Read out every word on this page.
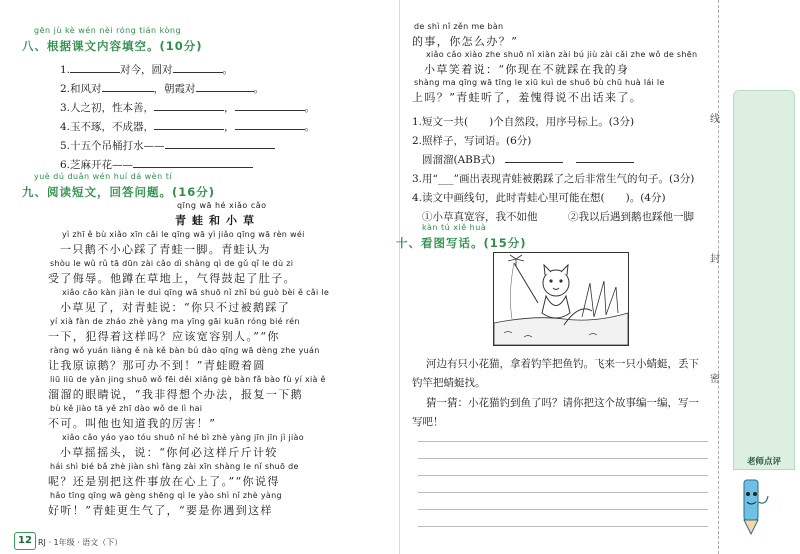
gēn jù kè wén nèi róng tián kòng
八、根据课文内容填空。(10分)
1.	对今，圆对	。
2.和风对	，朝霞对	。
3.人之初，性本善，	，	。
4.玉不琢，不成器，	，	。
5.十五个吊桶打水——
6.芝麻开花——
yuè dú duǎn wén huí dá wèn tí
九、阅读短文，回答问题。(16分)
qīng wā hé xiǎo cǎo
青蛙和小草
yì zhī ě bù xiǎo xīn cǎi le qīng wā yì jiǎo qīng wā rèn wéi
一只鹅不小心踩了青蛙一脚。青蛙认为
shòu le wǔ rǔ tā dūn zài cǎo dì shàng qì de gǔ qǐ le dù zi
受了侮辱。他蹲在草地上，气得鼓起了肚子。
xiǎo cǎo kàn jiàn le duì qīng wā shuō nǐ zhǐ bú guò bèi ě cǎi le
小草见了，对青蛙说：“你只不过被鹅踩了
yí xià fàn de zháo zhè yàng ma yīng gāi kuān róng bié rén
一下，犯得着这样吗？应该宽容别人。”“你
ràng wǒ yuán liàng ě nà kě bàn bú dào qīng wā dèng zhe yuán
让我原谅鹅？那可办不到！”青蛙瞪着圆
liū liū de yǎn jing shuō wǒ fēi děi xiǎng gè bàn fǎ bào fù yí xià ě
溜溜的眼睛说，“我非得想个办法，报复一下鹅
bù kě jiào tā yě zhī dào wǒ de lì hai
不可。叫他也知道我的厉害！”
xiǎo cǎo yáo yao tóu shuō nǐ hé bì zhè yàng jīn jīn jì jiào
小草摇摇头，说：“你何必这样斤斤计较
hái shì bié bǎ zhè jiàn shì fàng zài xīn shàng le nǐ shuō de
呢？还是别把这件事放在心上了。”“你说得
hǎo tīng qīng wā gèng shēng qì le yào shì nǐ zhè yàng
好听！”青蛙更生气了，“要是你遇到这样
12 RJ · 1年级 · 语文（下）
de shì nǐ zěn me bàn
的事，你怎么办？”
xiǎo cǎo xiào zhe shuō nǐ xiàn zài bú jiù zài cǎi zhe wǒ de shēn
小草笑着说：“你现在不就踩在我的身
shàng ma qīng wā tīng le xiū kuì de shuō bù chū huà lái le
上吗？”青蛙听了，羞愧得说不出话来了。
1.短文一共(　　)个自然段，用序号标上。(3分)
2.照样子，写词语。(6分)
圆溜溜(ABB式)
3.用“___”画出表现青蛙被鹅踩了之后非常生气的句子。(3分)
4.读文中画线句，此时青蛙心里可能在想(　　)。(4分)
①小草真宽容，我不如他	②我以后遇到鹅也踩他一脚
kàn tú xiě huà
十、看图写话。(15分)
河边有只小花猫，拿着钓竿把鱼钓。飞来一只小蜻蜓，丢下
钓竿把蜻蜓找。
猜一猜：小花猫钓到鱼了吗？请你把这个故事编一编，写一
写吧！
线
封
密
老师点评
